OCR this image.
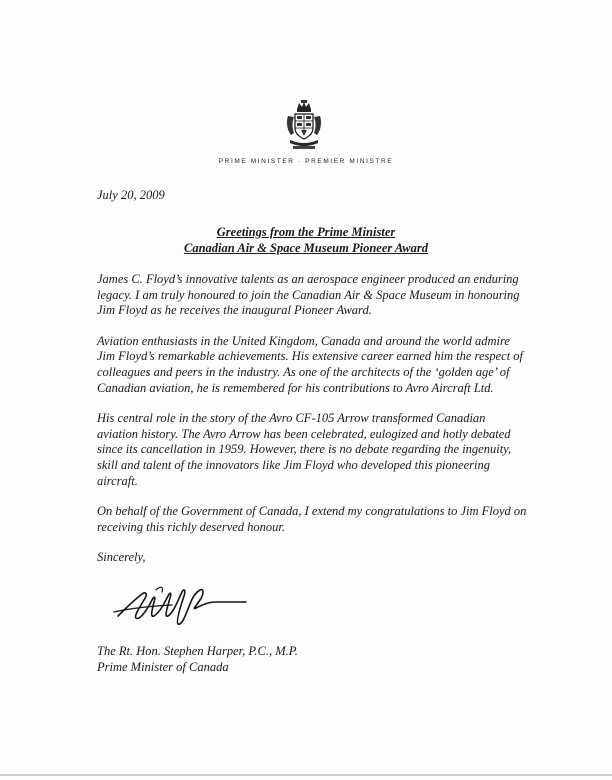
PRIME MINISTER · PREMIER MINISTRE
July 20, 2009
Greetings from the Prime Minister
Canadian Air & Space Museum Pioneer Award

James C. Floyd’s innovative talents as an aerospace engineer produced an enduring legacy. I am truly honoured to join the Canadian Air & Space Museum in honouring Jim Floyd as he receives the inaugural Pioneer Award.

Aviation enthusiasts in the United Kingdom, Canada and around the world admire Jim Floyd’s remarkable achievements. His extensive career earned him the respect of colleagues and peers in the industry. As one of the architects of the ‘golden age’ of Canadian aviation, he is remembered for his contributions to Avro Aircraft Ltd.

His central role in the story of the Avro CF-105 Arrow transformed Canadian aviation history. The Avro Arrow has been celebrated, eulogized and hotly debated since its cancellation in 1959. However, there is no debate regarding the ingenuity, skill and talent of the innovators like Jim Floyd who developed this pioneering aircraft.

On behalf of the Government of Canada, I extend my congratulations to Jim Floyd on receiving this richly deserved honour.

Sincerely,

The Rt. Hon. Stephen Harper, P.C., M.P.
Prime Minister of Canada
